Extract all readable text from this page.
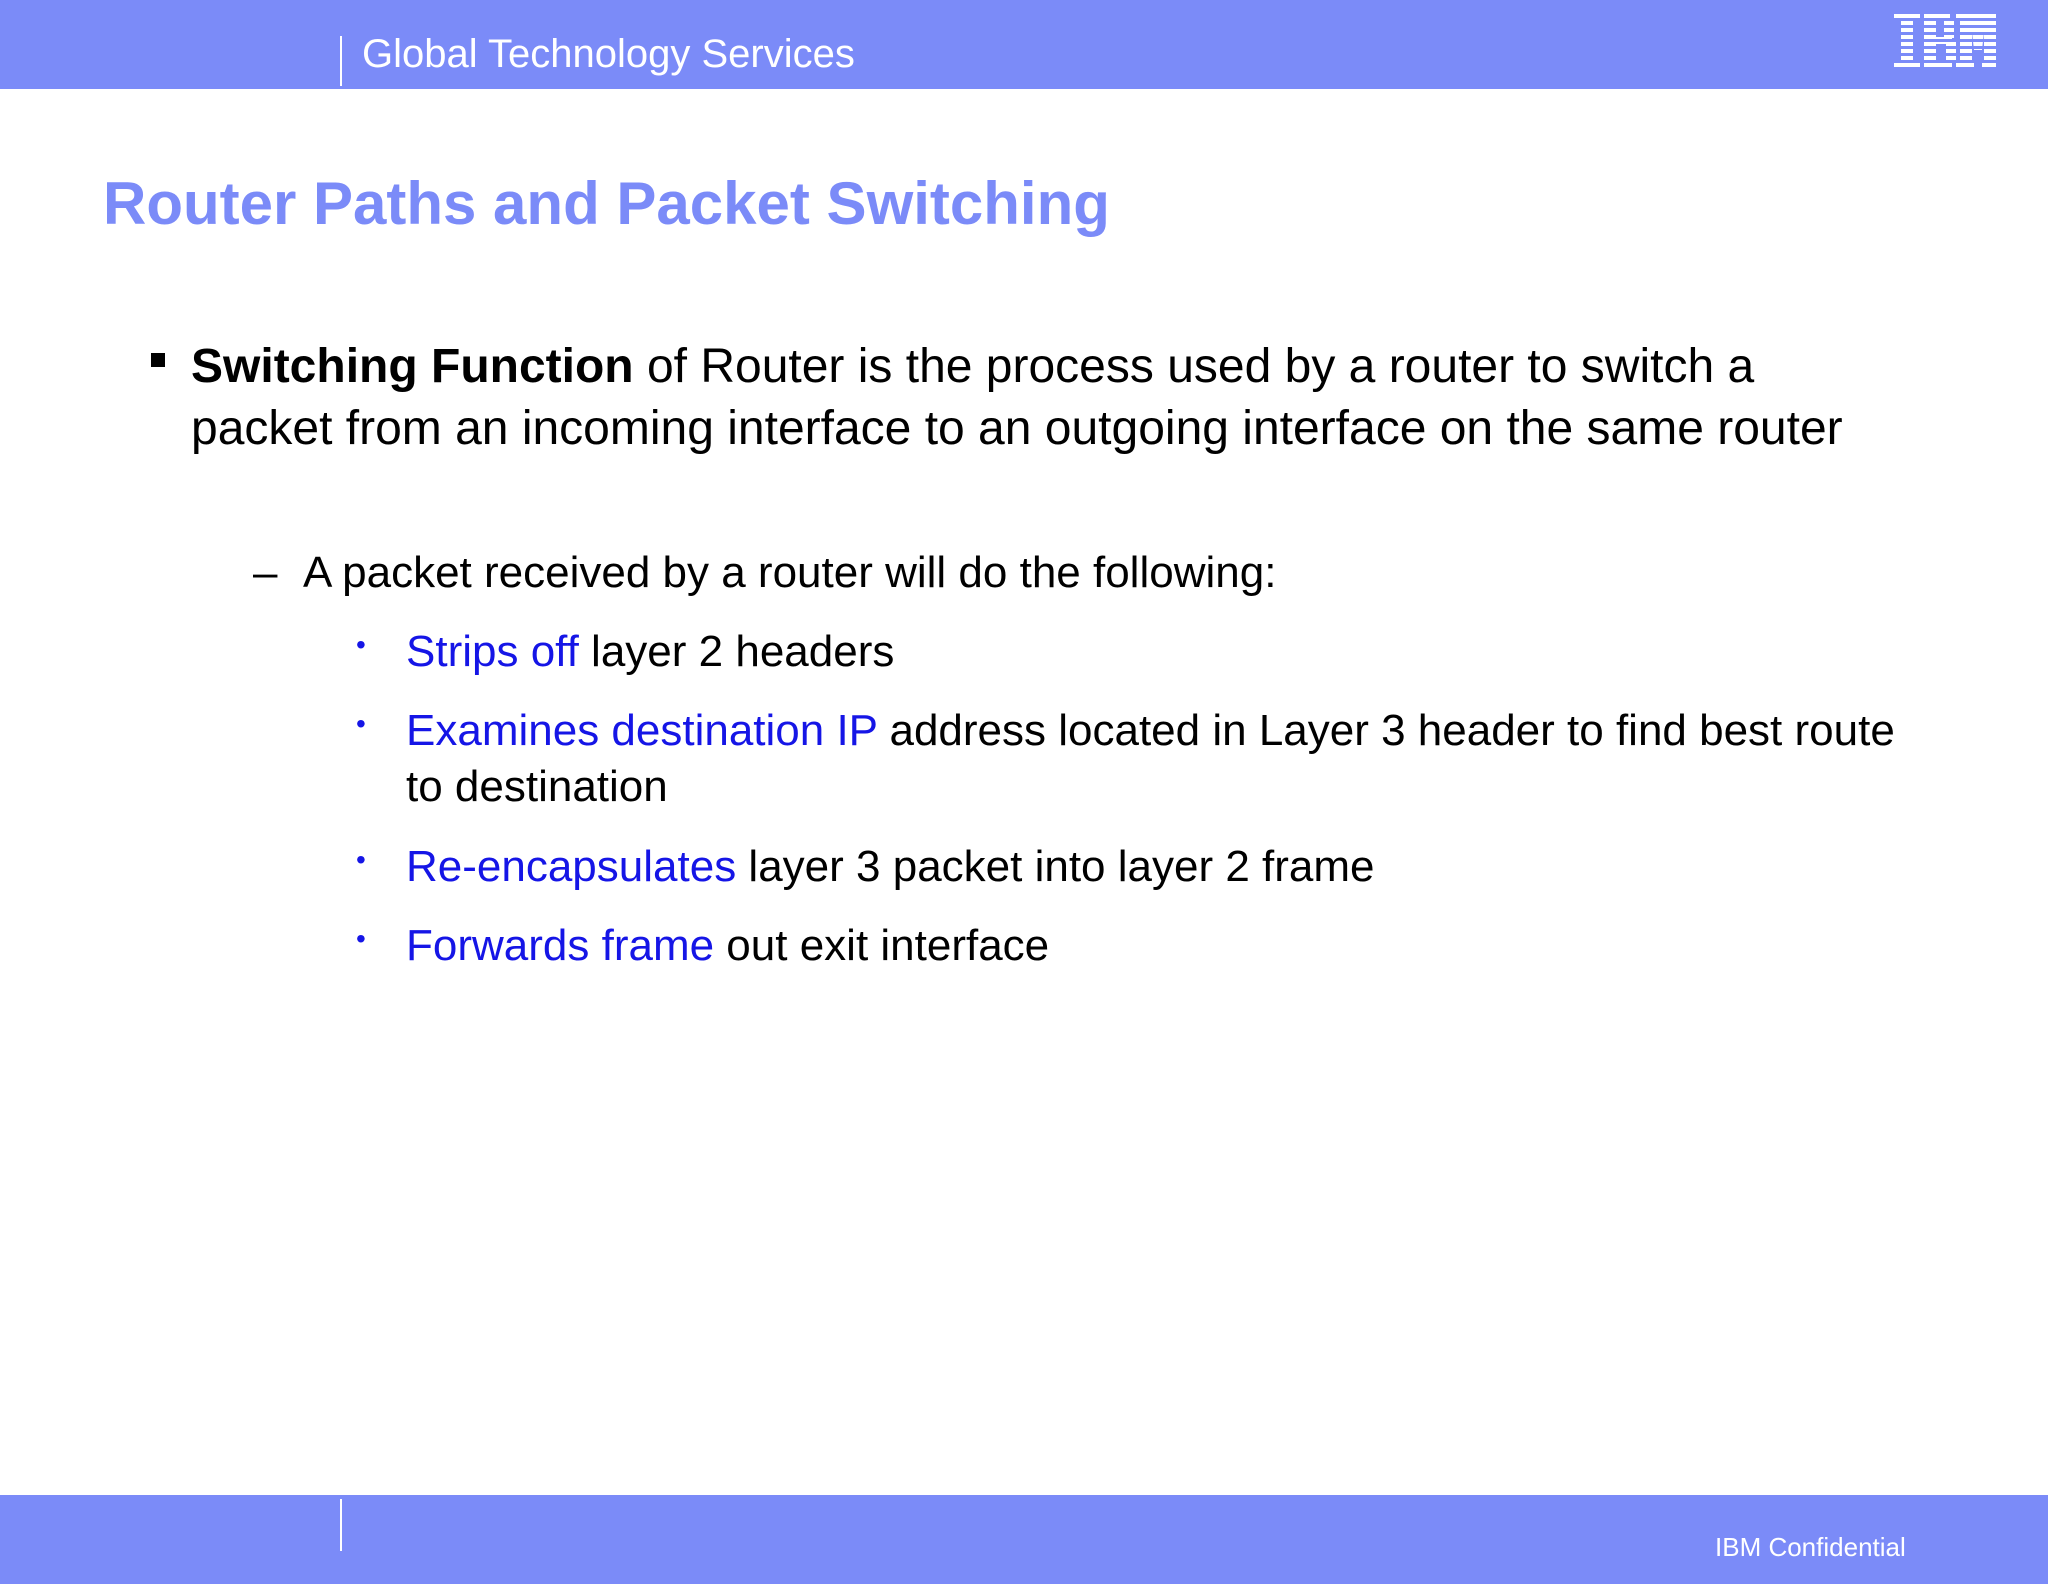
Global Technology Services
Router Paths and Packet Switching
Switching Function of Router is the process used by a router to switch a packet from an incoming interface to an outgoing interface on the same router
– A packet received by a router will do the following:
• Strips off layer 2 headers
• Examines destination IP address located in Layer 3 header to find best route to destination
• Re-encapsulates layer 3 packet into layer 2 frame
• Forwards frame out exit interface
IBM Confidential
